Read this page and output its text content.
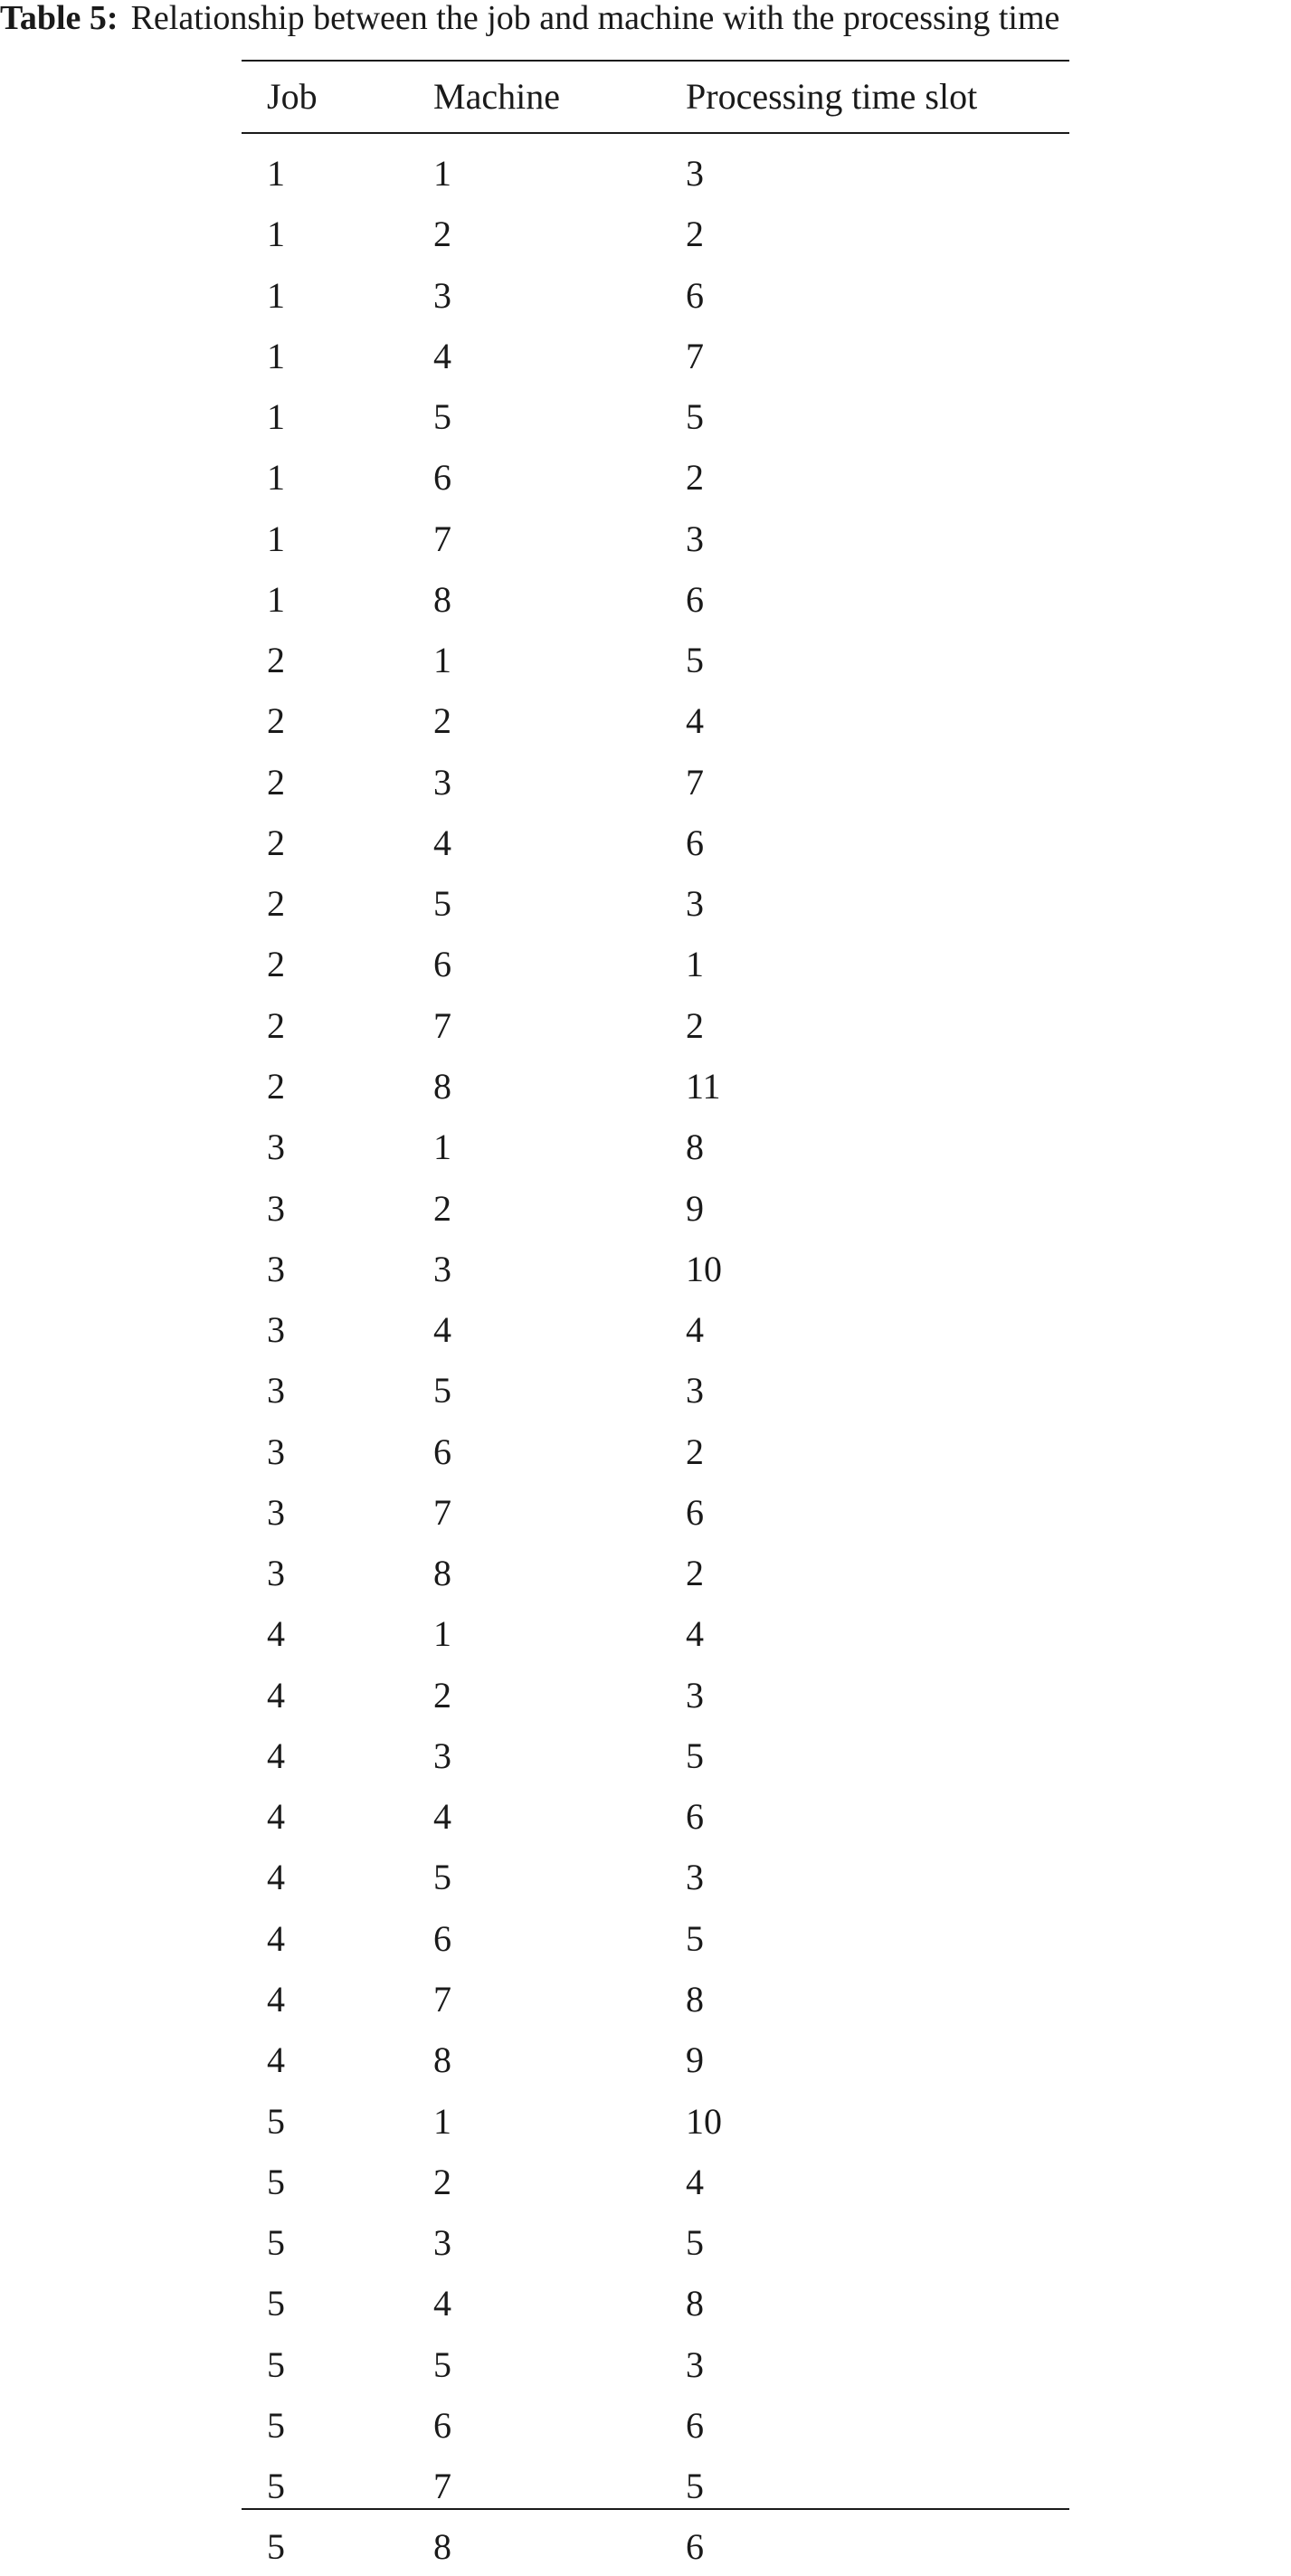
Table 5: Relationship between the job and machine with the processing time
Job	Machine	Processing time slot
1	1	3
1	2	2
1	3	6
1	4	7
1	5	5
1	6	2
1	7	3
1	8	6
2	1	5
2	2	4
2	3	7
2	4	6
2	5	3
2	6	1
2	7	2
2	8	11
3	1	8
3	2	9
3	3	10
3	4	4
3	5	3
3	6	2
3	7	6
3	8	2
4	1	4
4	2	3
4	3	5
4	4	6
4	5	3
4	6	5
4	7	8
4	8	9
5	1	10
5	2	4
5	3	5
5	4	8
5	5	3
5	6	6
5	7	5
5	8	6
